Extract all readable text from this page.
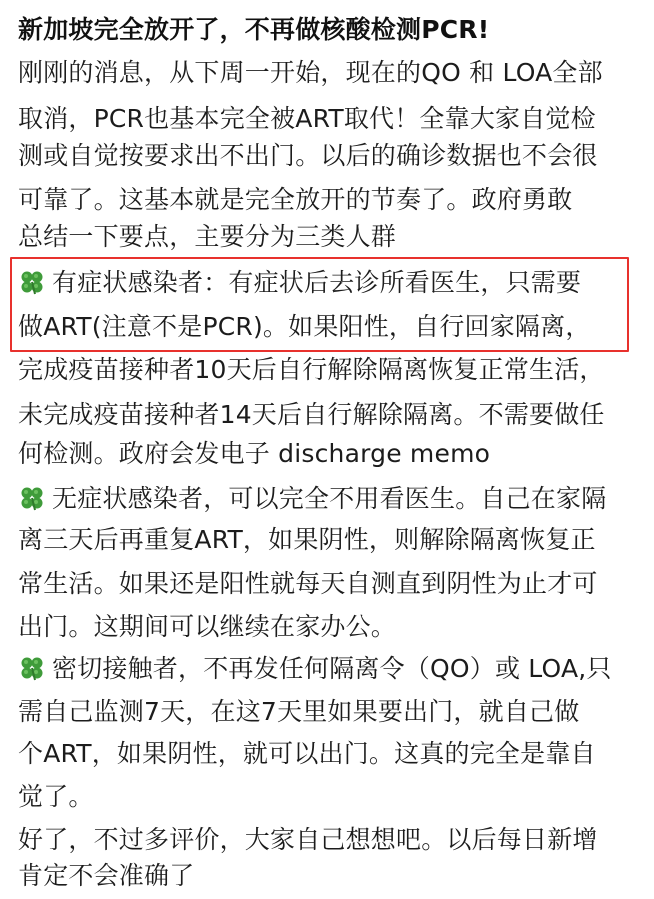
新加坡完全放开了，不再做核酸检测PCR!
刚刚的消息，从下周一开始，现在的QO 和 LOA全部
取消，PCR也基本完全被ART取代！全靠大家自觉检
测或自觉按要求出不出门。以后的确诊数据也不会很
可靠了。这基本就是完全放开的节奏了。政府勇敢
总结一下要点，主要分为三类人群
有症状感染者：有症状后去诊所看医生，只需要
做ART(注意不是PCR)。如果阳性，自行回家隔离，
完成疫苗接种者10天后自行解除隔离恢复正常生活，
未完成疫苗接种者14天后自行解除隔离。不需要做任
何检测。政府会发电子 discharge memo
无症状感染者，可以完全不用看医生。自己在家隔
离三天后再重复ART，如果阴性，则解除隔离恢复正
常生活。如果还是阳性就每天自测直到阴性为止才可
出门。这期间可以继续在家办公。
密切接触者，不再发任何隔离令（QO）或 LOA,只
需自己监测7天，在这7天里如果要出门，就自己做
个ART，如果阴性，就可以出门。这真的完全是靠自
觉了。
好了，不过多评价，大家自己想想吧。以后每日新增
肯定不会准确了
